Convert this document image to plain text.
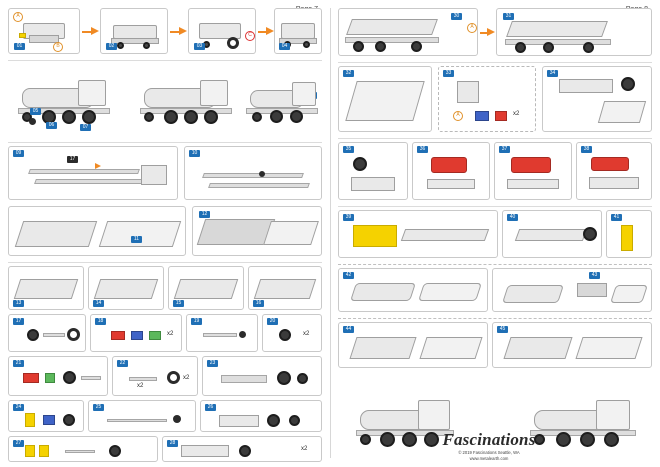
A
B
01	02
C
03	04
05
06	07
09
17
10
11
12
13	14	15	16
17	18
x2
19	20
x2
21	22
x2
x2
23
24	25	26
27	28
x2
30
A
31
32	33
A	x2
34
35	36	37	38
39	40	41
42	43
44	45
Fascinations
© 2019 Fascinations Seattle, WA
www.metalearth.com
